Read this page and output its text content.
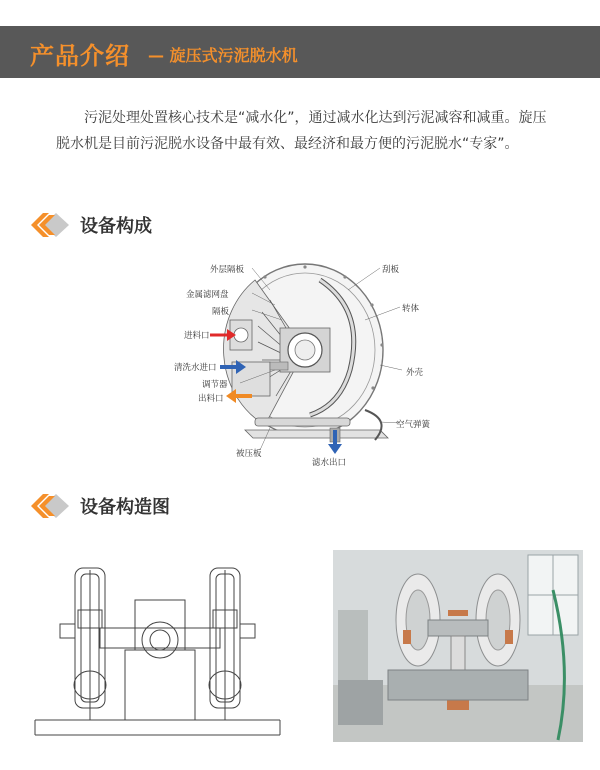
产品介绍 — 旋压式污泥脱水机

污泥处理处置核心技术是“减水化”，通过减水化达到污泥减容和减重。旋压脱水机是目前污泥脱水设备中最有效、最经济和最方便的污泥脱水“专家”。

设备构成
外层隔板	刮板
金属滤网盘
隔板	转体
进料口
清洗水进口	外壳
调节器
出料口
空气弹簧
被压板
滤水出口
设备构造图
